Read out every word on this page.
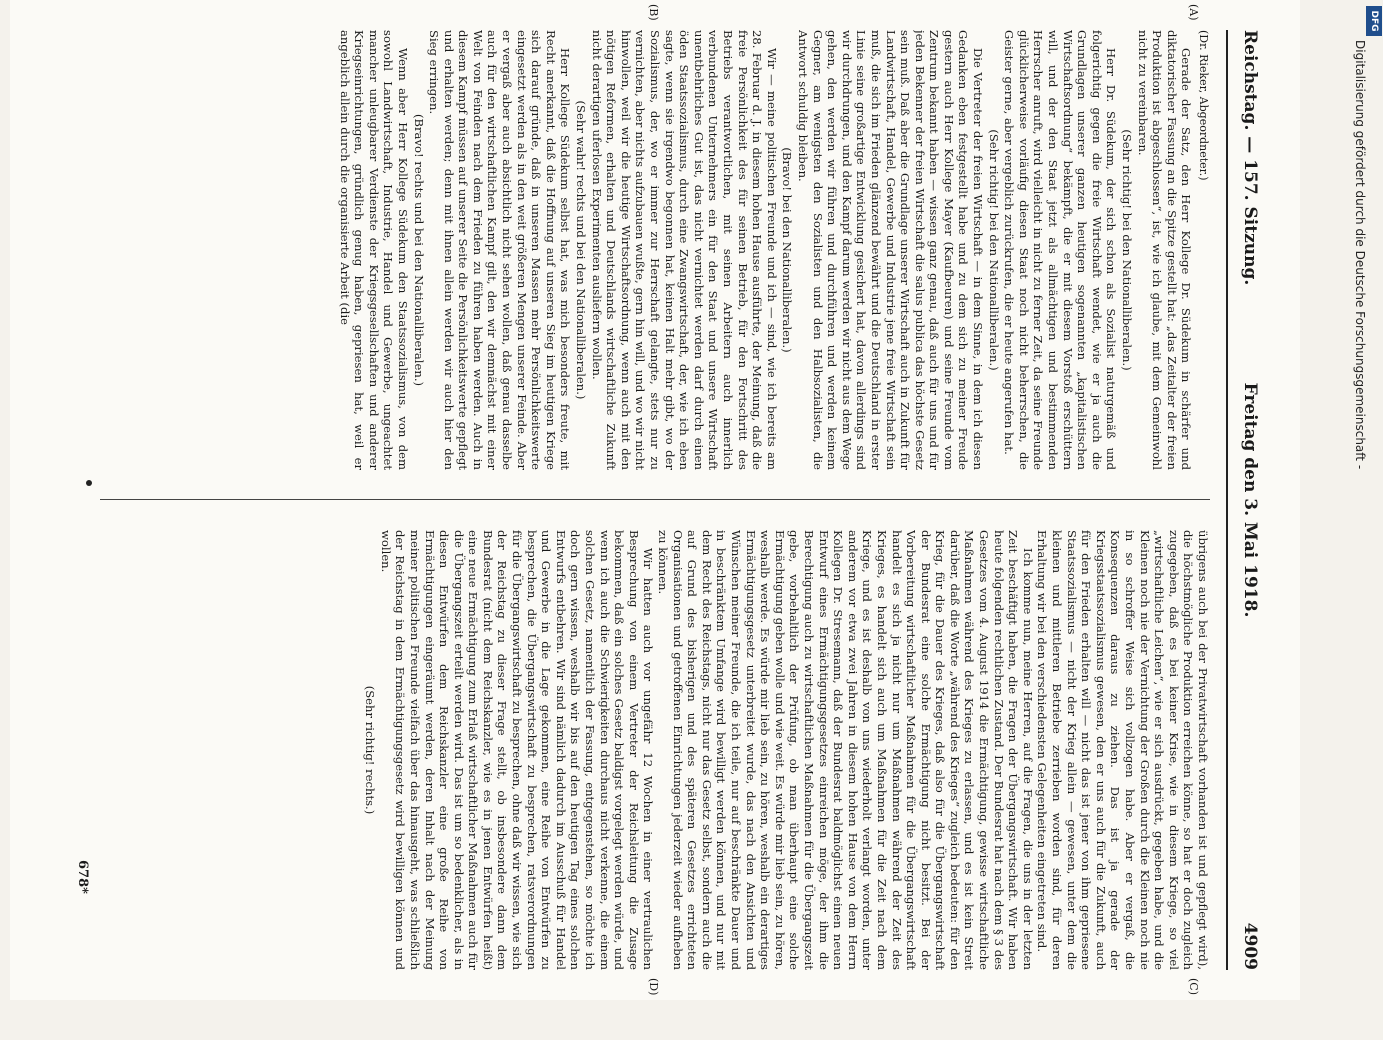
Reichstag. — 157. Sitzung.
Freitag den 3. Mai 1918.
4909
(A)
(B)
(C)
(D)
(Dr. Rieker, Abgeordneter.)

Gerade der Satz, den Herr Kollege Dr. Südekum in schärfer und diktatorischer Fassung an die Spitze gestellt hat: „das Zeitalter der freien Produktion ist abgeschlossen“, ist, wie ich glaube, mit dem Gemeinwohl nicht zu vereinbaren.

(Sehr richtig! bei den Nationalliberalen.)

Herr Dr. Südekum, der sich schon als Sozialist naturgemäß und folgerichtig gegen die freie Wirtschaft wendet, wie er ja auch die Grundlagen unserer ganzen heutigen sogenannten „kapitalistischen Wirtschaftsordnung“ bekämpft, die er mit diesem Vorstoß erschüttern will, und der den Staat jetzt als allmächtigen und bestimmenden Herrscher anruft, wird vielleicht in nicht zu ferner Zeit, da seine Freunde glücklicherweise vorläufig diesen Staat noch nicht beherrschen, die Geister gerne, aber vergeblich zurückrufen, die er heute angerufen hat.

(Sehr richtig! bei den Nationalliberalen.)

Die Vertreter der freien Wirtschaft — in dem Sinne, in dem ich diesen Gedanken eben festgestellt habe und zu dem sich zu meiner Freude gestern auch Herr Kollege Mayer (Kaufbeuren) und seine Freunde vom Zentrum bekannt haben — wissen ganz genau, daß auch für uns und für jeden Bekenner der freien Wirtschaft die salus publica das höchste Gesetz sein muß. Daß aber die Grundlage unserer Wirtschaft auch in Zukunft für Landwirtschaft, Handel, Gewerbe und Industrie jene freie Wirtschaft sein muß, die sich im Frieden glänzend bewährt und die Deutschland in erster Linie seine großartige Entwicklung gesichert hat, davon allerdings sind wir durchdrungen, und den Kampf darum werden wir nicht aus dem Wege gehen, den werden wir führen und durchführen und werden keinem Gegner, am wenigsten den Sozialisten und den Halbsozialisten, die Antwort schuldig bleiben.

(Bravo! bei den Nationalliberalen.)

Wir — meine politischen Freunde und ich — sind, wie ich bereits am 28. Februar d. J. in diesem hohen Hause ausführte, der Meinung, daß die freie Persönlichkeit des für seinen Betrieb, für den Fortschritt des Betriebs verantwortlichen, mit seinen Arbeitern auch innerlich verbundenen Unternehmers ein für den Staat und unsere Wirtschaft unentbehrliches Gut ist, das nicht vernichtet werden darf durch einen öden Staatssozialismus, durch eine Zwangswirtschaft, der, wie ich eben sagte, wenn sie irgendwo begonnen hat, keinen Halt mehr gibt, wo der Sozialismus, der, wo er immer zur Herrschaft gelangte, stets nur zu vernichten, aber nichts aufzubauen wußte, gern hin will, und wo wir nicht hinwollen, weil wir die heutige Wirtschaftsordnung, wenn auch mit den nötigen Reformen, erhalten und Deutschlands wirtschaftliche Zukunft nicht derartigen uferlosen Experimenten ausliefern wollen.

(Sehr wahr! rechts und bei den Nationalliberalen.)

Herr Kollege Südekum selbst hat, was mich besonders freute, mit Recht anerkannt, daß die Hoffnung auf unseren Sieg im heutigen Kriege sich darauf gründe, daß in unseren Massen mehr Persönlichkeitswerte eingesetzt werden als in den weit größeren Mengen unserer Feinde. Aber er vergaß aber auch absichtlich nicht sehen wollen, daß genau dasselbe auch für den wirtschaftlichen Kampf gilt, den wir demnächst mit einer Welt von Feinden nach dem Frieden zu führen haben werden. Auch in diesem Kampf müssen auf unserer Seite die Persönlichkeitswerte gepflegt und erhalten werden; denn mit ihnen allein werden wir auch hier den Sieg erringen.

(Bravo! rechts und bei den Nationalliberalen.)

Wenn aber Herr Kollege Südekum den Staatssozialismus, von dem sowohl Landwirtschaft, Industrie, Handel und Gewerbe, ungeachtet mancher unleugbarer Verdienste der Kriegsgesellschaften und anderer Kriegseinrichtungen, gründlich genug haben, gepriesen hat, weil er angeblich allein durch die organisierte Arbeit (die

übrigens auch bei der Privatwirtschaft vorhanden ist und gepflegt wird), die höchstmögliche Produktion erreichen könne, so hat er doch zugleich zugegeben, daß es bei keiner Krise, wie in diesem Kriege, so viel „wirtschaftliche Leichen“, wie er sich ausdrückt, gegeben habe, und die Kleinen noch nie der Vernichtung der Großen durch die Kleinen noch nie in so schroffer Weise sich vollzogen habe. Aber er vergaß, die Konsequenzen daraus zu ziehen. Das ist ja gerade der Kriegsstaatssozialismus gewesen, den er uns auch für die Zukunft, auch für den Frieden erhalten will — nicht das ist jener von ihm gepriesene Staatssozialismus — nicht der Krieg allein — gewesen, unter dem die kleinen und mittleren Betriebe zerrieben worden sind, für deren Erhaltung wir bei den verschiedensten Gelegenheiten eingetreten sind.

Ich komme nun, meine Herren, auf die Fragen, die uns in der letzten Zeit beschäftigt haben, die Fragen der Übergangswirtschaft. Wir haben heute folgenden rechtlichen Zustand. Der Bundesrat hat nach dem § 3 des Gesetzes vom 4. August 1914 die Ermächtigung, gewisse wirtschaftliche Maßnahmen während des Krieges zu erlassen, und es ist kein Streit darüber, daß die Worte „während des Krieges“ zugleich bedeuten: für den Krieg, für die Dauer des Krieges, daß also für die Übergangswirtschaft der Bundesrat eine solche Ermächtigung nicht besitzt. Bei der Vorbereitung wirtschaftlicher Maßnahmen für die Übergangswirtschaft handelt es sich ja nicht nur um Maßnahmen während der Zeit des Krieges, es handelt sich auch um Maßnahmen für die Zeit nach dem Kriege, und es ist deshalb von uns wiederholt verlangt worden, unter anderem vor etwa zwei Jahren in diesem hohen Hause von dem Herrn Kollegen Dr. Stresemann, daß der Bundesrat baldmöglichst einen neuen Entwurf eines Ermächtigungsgesetzes einreichen möge, der ihm die Berechtigung auch zu wirtschaftlichen Maßnahmen für die Übergangszeit gebe, vorbehaltlich der Prüfung, ob man überhaupt eine solche Ermächtigung geben wolle und wie weit. Es würde mir lieb sein, zu hören, weshalb werde. Es würde mir lieb sein, zu hören, weshalb ein derartiges Ermächtigungsgesetz unterbreitet wurde, das nach den Ansichten und Wünschen meiner Freunde, die ich teile, nur auf beschränkte Dauer und in beschränktem Umfange wird bewilligt werden können, und nur mit dem Recht des Reichstags, nicht nur das Gesetz selbst, sondern auch die auf Grund des bisherigen und des späteren Gesetzes errichteten Organisationen und getroffenen Einrichtungen jederzeit wieder aufheben zu können.

Wir hatten auch vor ungefähr 12 Wochen in einer vertraulichen Besprechung von einem Vertreter der Reichsleitung die Zusage bekommen, daß ein solches Gesetz baldigst vorgelegt werden würde, und wenn ich auch die Schwierigkeiten durchaus nicht verkenne, die einem solchen Gesetz, namentlich der Fassung, entgegenstehen, so möchte ich doch gern wissen, weshalb wir bis auf den heutigen Tag eines solchen Entwurfs entbehren. Wir sind nämlich dadurch im Ausschuß für Handel und Gewerbe in die Lage gekommen, eine Reihe von Entwürfen zu besprechen, die Übergangswirtschaft zu besprechen, ratsverordnungen für die Übergangswirtschaft zu besprechen, ohne daß wir wissen, wie sich der Reichstag zu dieser Frage stellt, ob insbesondere dann dem Bundesrat (nicht dem Reichskanzler, wie es in jenen Entwürfen heißt) eine neue Ermächtigung zum Erlaß wirtschaftlicher Maßnahmen auch für die Übergangszeit erteilt werden wird. Das ist um so bedenklicher, als in diesen Entwürfen dem Reichskanzler eine große Reihe von Ermächtigungen eingeräumt werden, deren Inhalt nach der Meinung meiner politischen Freunde vielfach über das hinausgeht, was schließlich der Reichstag in dem Ermächtigungsgesetz wird bewilligen können und wollen.

(Sehr richtig! rechts.)

678*
Digitalisierung gefördert durch die Deutsche Forschungsgemeinschaft -
DFG
